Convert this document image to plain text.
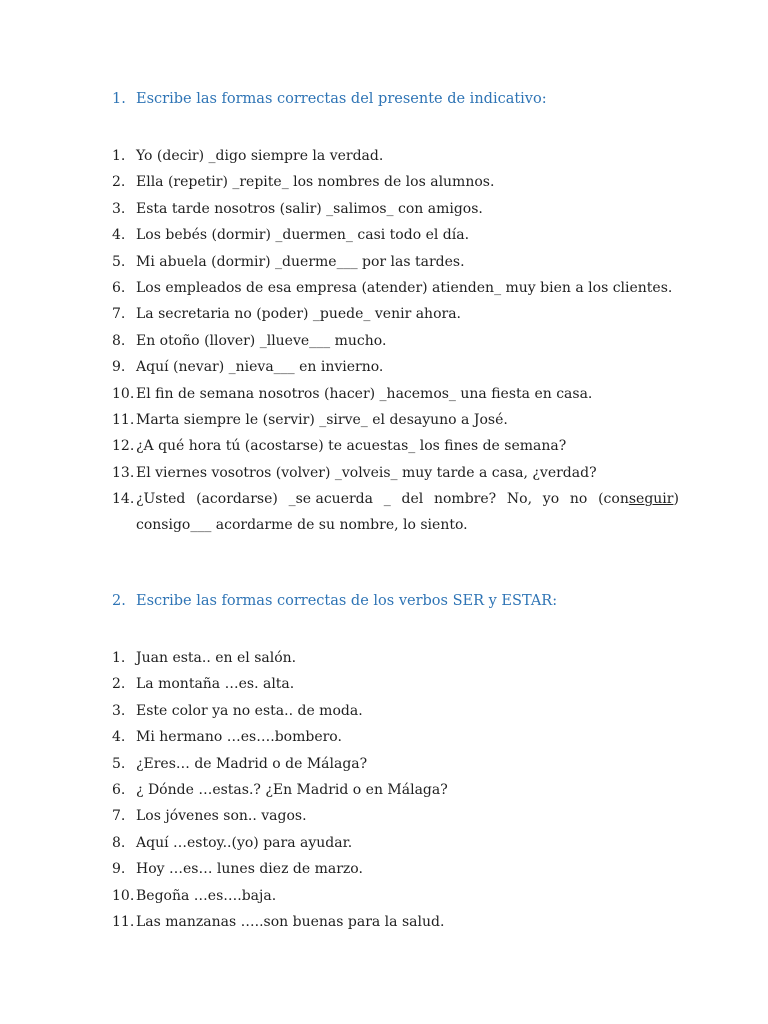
1. Escribe las formas correctas del presente de indicativo:
1. Yo (decir) _digo siempre la verdad.
2. Ella (repetir) _repite_ los nombres de los alumnos.
3. Esta tarde nosotros (salir) _salimos_ con amigos.
4. Los bebés (dormir) _duermen_ casi todo el día.
5. Mi abuela (dormir) _duerme___ por las tardes.
6. Los empleados de esa empresa (atender) atienden_ muy bien a los clientes.
7. La secretaria no (poder) _puede_ venir ahora.
8. En otoño (llover) _llueve___ mucho.
9. Aquí (nevar) _nieva___ en invierno.
10. El fin de semana nosotros (hacer) _hacemos_ una fiesta en casa.
11. Marta siempre le (servir) _sirve_ el desayuno a José.
12. ¿A qué hora tú (acostarse) te acuestas_ los fines de semana?
13. El viernes vosotros (volver) _volveis_ muy tarde a casa, ¿verdad?
14. ¿Usted (acordarse) _se acuerda _ del nombre? No, yo no (conseguir)
consigo___ acordarme de su nombre, lo siento.
2. Escribe las formas correctas de los verbos SER y ESTAR:
1. Juan esta.. en el salón.
2. La montaña …es. alta.
3. Este color ya no esta.. de moda.
4. Mi hermano …es….bombero.
5. ¿Eres… de Madrid o de Málaga?
6. ¿ Dónde …estas.? ¿En Madrid o en Málaga?
7. Los jóvenes son.. vagos.
8. Aquí …estoy..(yo) para ayudar.
9. Hoy …es… lunes diez de marzo.
10. Begoña …es….baja.
11. Las manzanas …..son buenas para la salud.
